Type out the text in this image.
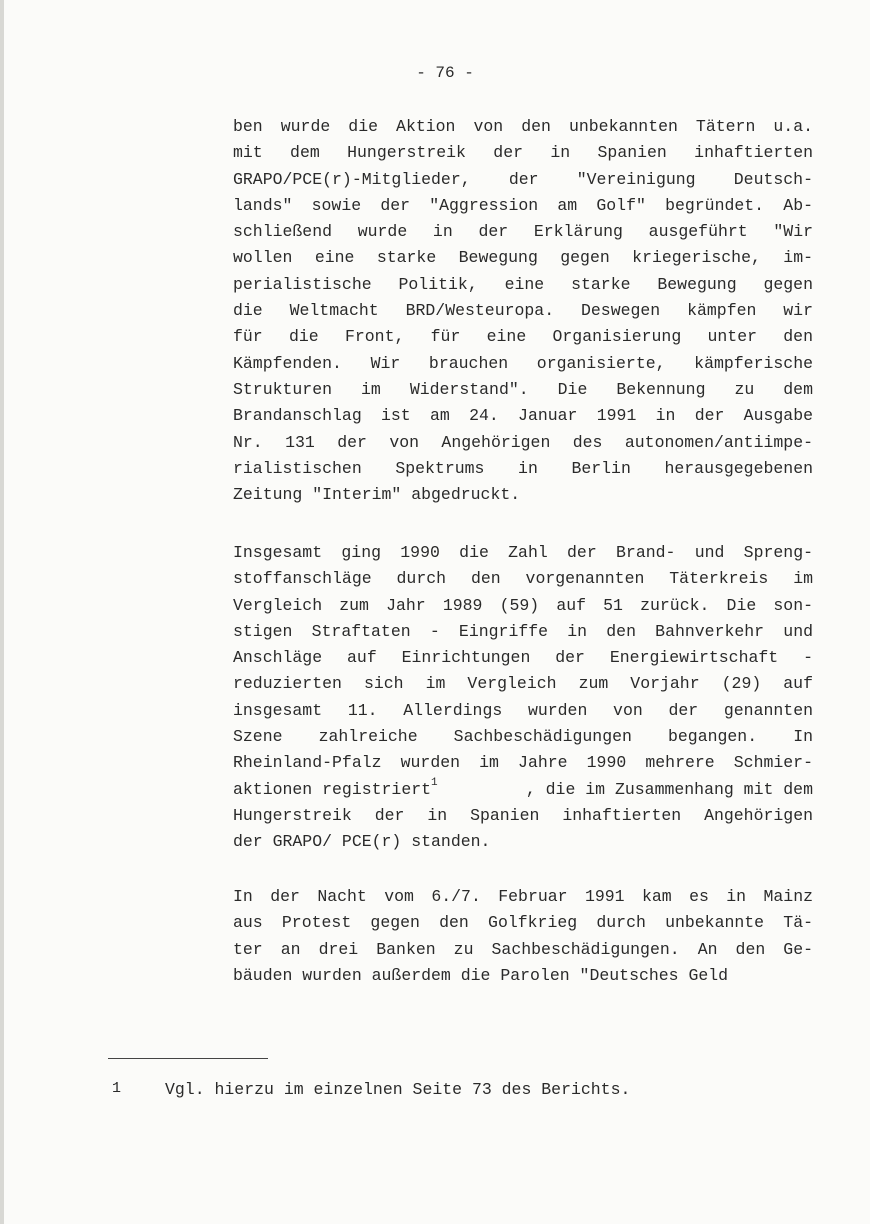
- 76 -
ben wurde die Aktion von den unbekannten Tätern u.a.
mit dem Hungerstreik der in Spanien inhaftierten
GRAPO/PCE(r)-Mitglieder, der "Vereinigung Deutsch-
lands" sowie der "Aggression am Golf" begründet. Ab-
schließend wurde in der Erklärung ausgeführt "Wir
wollen eine starke Bewegung gegen kriegerische, im-
perialistische Politik, eine starke Bewegung gegen
die Weltmacht BRD/Westeuropa. Deswegen kämpfen wir
für die Front, für eine Organisierung unter den
Kämpfenden. Wir brauchen organisierte, kämpferische
Strukturen im Widerstand". Die Bekennung zu dem
Brandanschlag ist am 24. Januar 1991 in der Ausgabe
Nr. 131 der von Angehörigen des autonomen/antiimpe-
rialistischen Spektrums in Berlin herausgegebenen
Zeitung "Interim" abgedruckt.
Insgesamt ging 1990 die Zahl der Brand- und Spreng-
stoffanschläge durch den vorgenannten Täterkreis im
Vergleich zum Jahr 1989 (59) auf 51 zurück. Die son-
stigen Straftaten - Eingriffe in den Bahnverkehr und
Anschläge auf Einrichtungen der Energiewirtschaft -
reduzierten sich im Vergleich zum Vorjahr (29) auf
insgesamt 11. Allerdings wurden von der genannten
Szene zahlreiche Sachbeschädigungen begangen. In
Rheinland-Pfalz wurden im Jahre 1990 mehrere Schmier-
aktionen registriert$^1$	, die im Zusammenhang mit dem
Hungerstreik der in Spanien inhaftierten Angehörigen
der GRAPO/ PCE(r) standen.
In der Nacht vom 6./7. Februar 1991 kam es in Mainz
aus Protest gegen den Golfkrieg durch unbekannte Tä-
ter an drei Banken zu Sachbeschädigungen. An den Ge-
bäuden wurden außerdem die Parolen "Deutsches Geld
1	Vgl. hierzu im einzelnen Seite 73 des Berichts.
